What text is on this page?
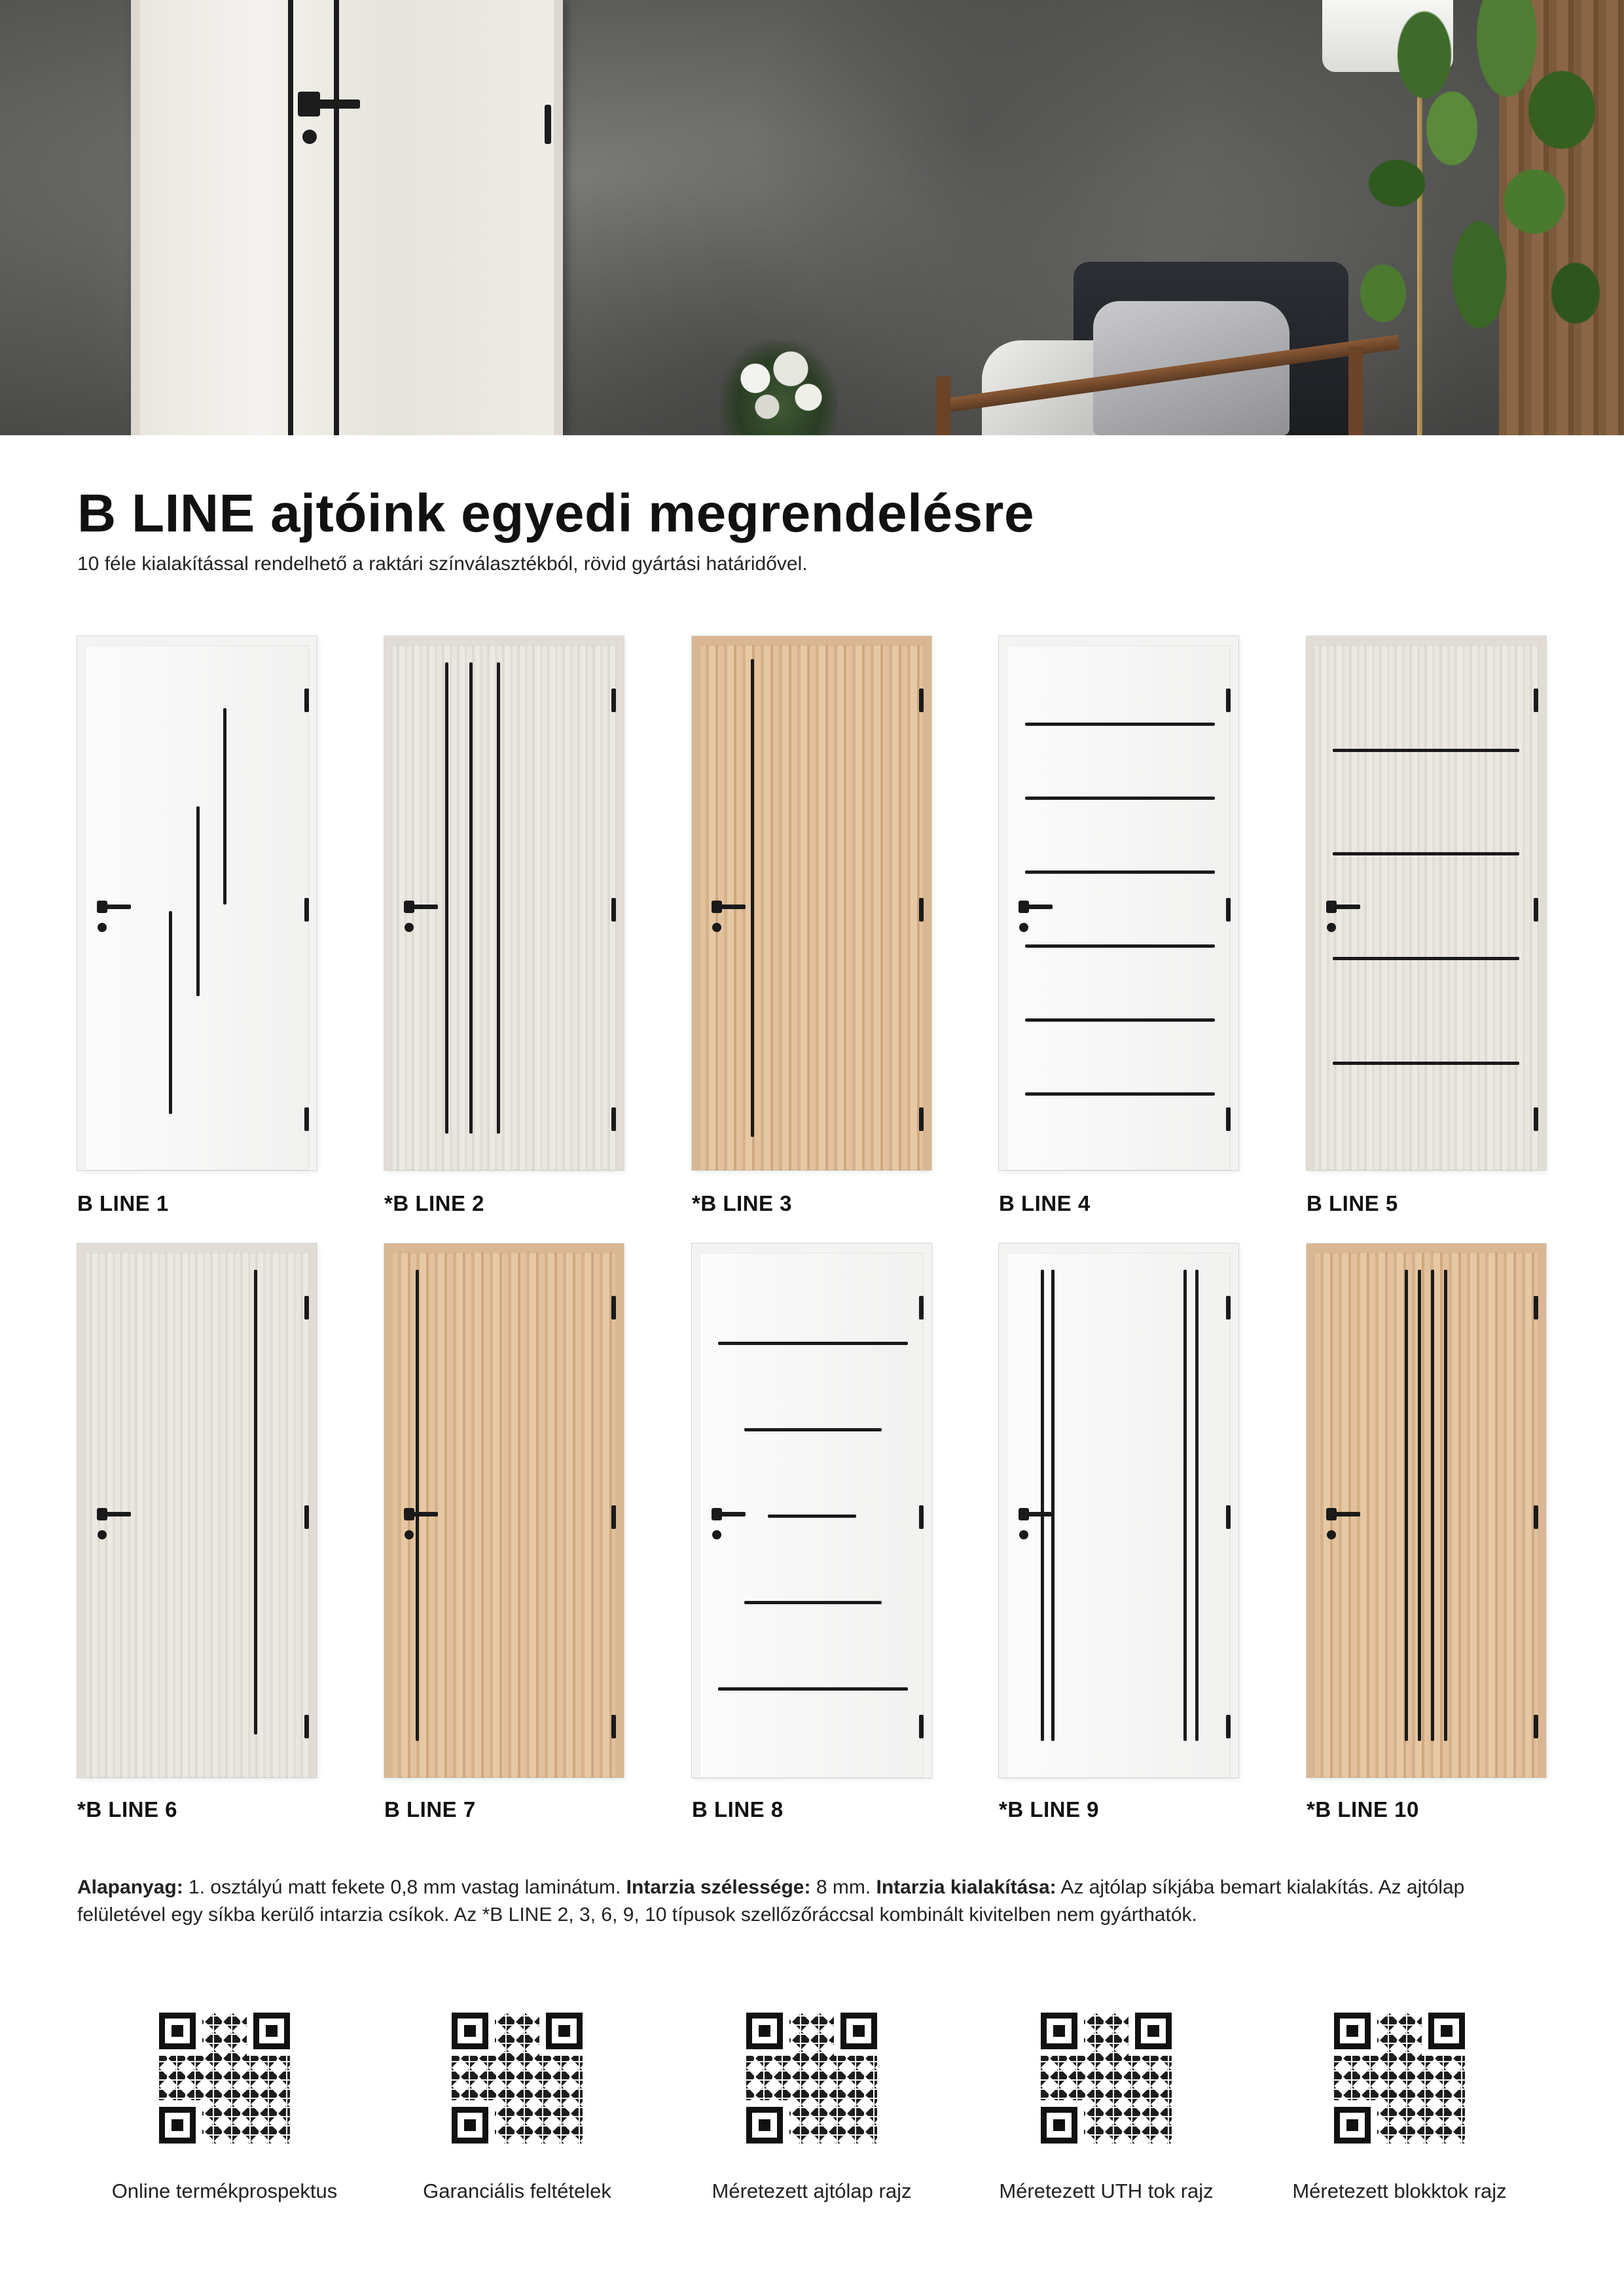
B LINE ajtóink egyedi megrendelésre

10 féle kialakítással rendelhető a raktári színválasztékból, rövid gyártási határidővel.

B LINE 1	*B LINE 2	*B LINE 3	B LINE 4	B LINE 5
*B LINE 6	B LINE 7	B LINE 8	*B LINE 9	*B LINE 10

Alapanyag: 1. osztályú matt fekete 0,8 mm vastag laminátum. Intarzia szélessége: 8 mm. Intarzia kialakítása: Az ajtólap síkjába bemart kialakítás. Az ajtólap felületével egy síkba kerülő intarzia csíkok. Az *B LINE 2, 3, 6, 9, 10 típusok szellőzőráccsal kombinált kivitelben nem gyárthatók.

Online termékprospektus	Garanciális feltételek	Méretezett ajtólap rajz	Méretezett UTH tok rajz	Méretezett blokktok rajz
